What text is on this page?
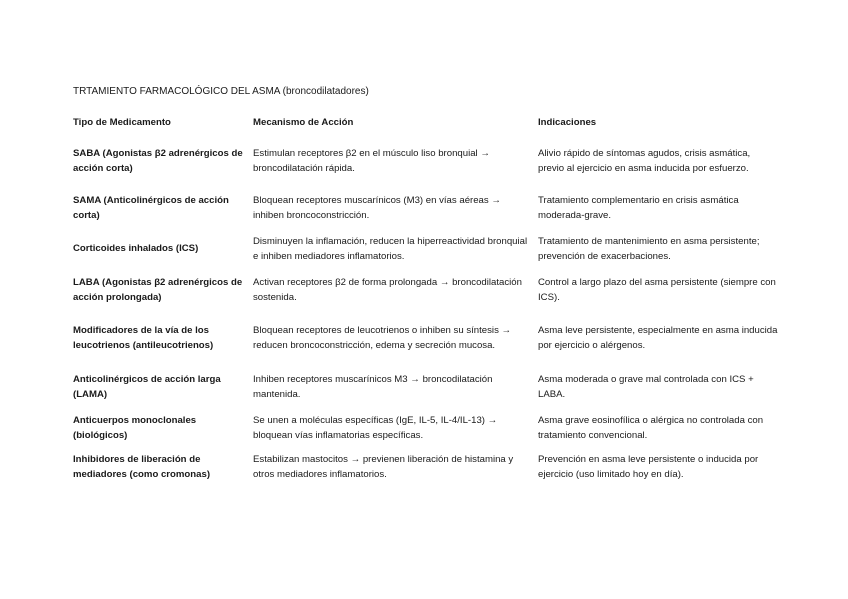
TRTAMIENTO FARMACOLÓGICO DEL ASMA (broncodilatadores)

Tipo de Medicamento	Mecanismo de Acción	Indicaciones
SABA (Agonistas β2 adrenérgicos de acción corta)	Estimulan receptores β2 en el músculo liso bronquial → broncodilatación rápida.	Alivio rápido de síntomas agudos, crisis asmática, previo al ejercicio en asma inducida por esfuerzo.
SAMA (Anticolinérgicos de acción corta)	Bloquean receptores muscarínicos (M3) en vías aéreas → inhiben broncoconstricción.	Tratamiento complementario en crisis asmática moderada-grave.
Corticoides inhalados (ICS)	Disminuyen la inflamación, reducen la hiperreactividad bronquial e inhiben mediadores inflamatorios.	Tratamiento de mantenimiento en asma persistente; prevención de exacerbaciones.
LABA (Agonistas β2 adrenérgicos de acción prolongada)	Activan receptores β2 de forma prolongada → broncodilatación sostenida.	Control a largo plazo del asma persistente (siempre con ICS).
Modificadores de la vía de los leucotrienos (antileucotrienos)	Bloquean receptores de leucotrienos o inhiben su síntesis → reducen broncoconstricción, edema y secreción mucosa.	Asma leve persistente, especialmente en asma inducida por ejercicio o alérgenos.
Anticolinérgicos de acción larga (LAMA)	Inhiben receptores muscarínicos M3 → broncodilatación mantenida.	Asma moderada o grave mal controlada con ICS + LABA.
Anticuerpos monoclonales (biológicos)	Se unen a moléculas específicas (IgE, IL-5, IL-4/IL-13) → bloquean vías inflamatorias específicas.	Asma grave eosinofílica o alérgica no controlada con tratamiento convencional.
Inhibidores de liberación de mediadores (como cromonas)	Estabilizan mastocitos → previenen liberación de histamina y otros mediadores inflamatorios.	Prevención en asma leve persistente o inducida por ejercicio (uso limitado hoy en día).
